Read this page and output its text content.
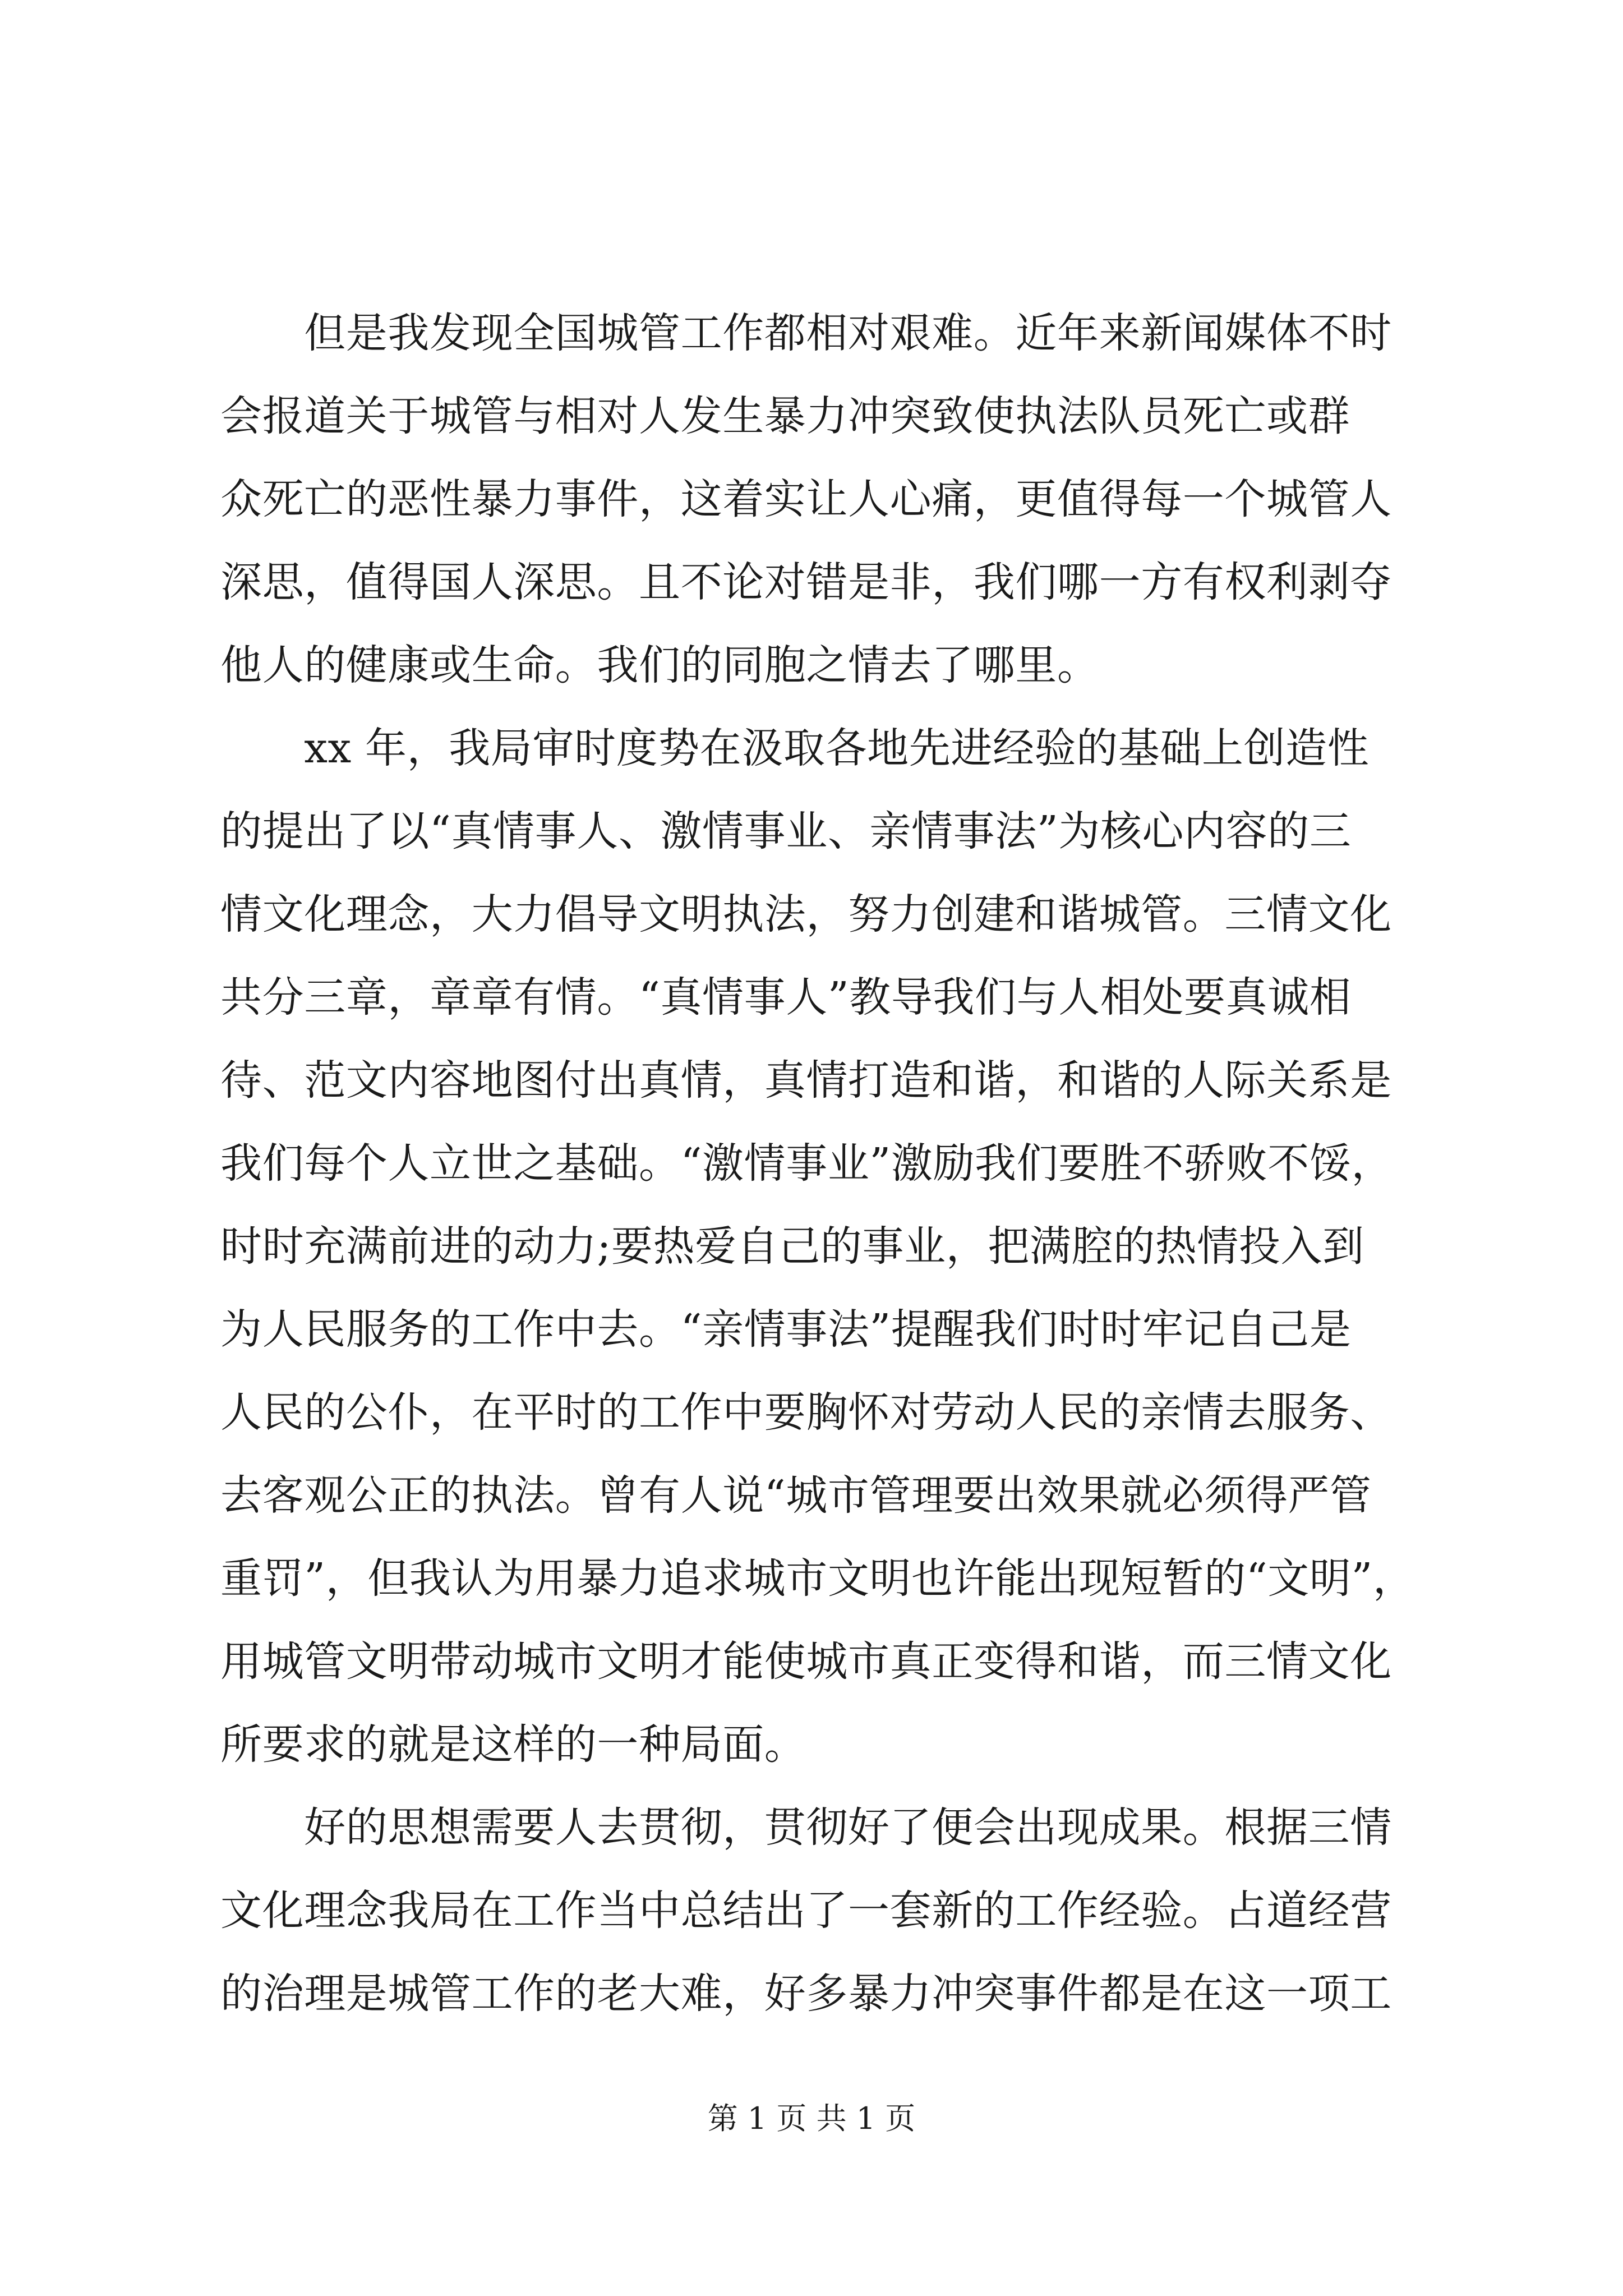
　　但是我发现全国城管工作都相对艰难。近年来新闻媒体不时
会报道关于城管与相对人发生暴力冲突致使执法队员死亡或群
众死亡的恶性暴力事件，这着实让人心痛，更值得每一个城管人
深思，值得国人深思。且不论对错是非，我们哪一方有权利剥夺
他人的健康或生命。我们的同胞之情去了哪里。
　　xx 年，我局审时度势在汲取各地先进经验的基础上创造性
的提出了以“真情事人、激情事业、亲情事法”为核心内容的三
情文化理念，大力倡导文明执法，努力创建和谐城管。三情文化
共分三章，章章有情。“真情事人”教导我们与人相处要真诚相
待、范文内容地图付出真情，真情打造和谐，和谐的人际关系是
我们每个人立世之基础。“激情事业”激励我们要胜不骄败不馁，
时时充满前进的动力;要热爱自己的事业，把满腔的热情投入到
为人民服务的工作中去。“亲情事法”提醒我们时时牢记自己是
人民的公仆，在平时的工作中要胸怀对劳动人民的亲情去服务、
去客观公正的执法。曾有人说“城市管理要出效果就必须得严管
重罚”，但我认为用暴力追求城市文明也许能出现短暂的“文明”，
用城管文明带动城市文明才能使城市真正变得和谐，而三情文化
所要求的就是这样的一种局面。
　　好的思想需要人去贯彻，贯彻好了便会出现成果。根据三情
文化理念我局在工作当中总结出了一套新的工作经验。占道经营
的治理是城管工作的老大难，好多暴力冲突事件都是在这一项工
第 1 页 共 1 页
